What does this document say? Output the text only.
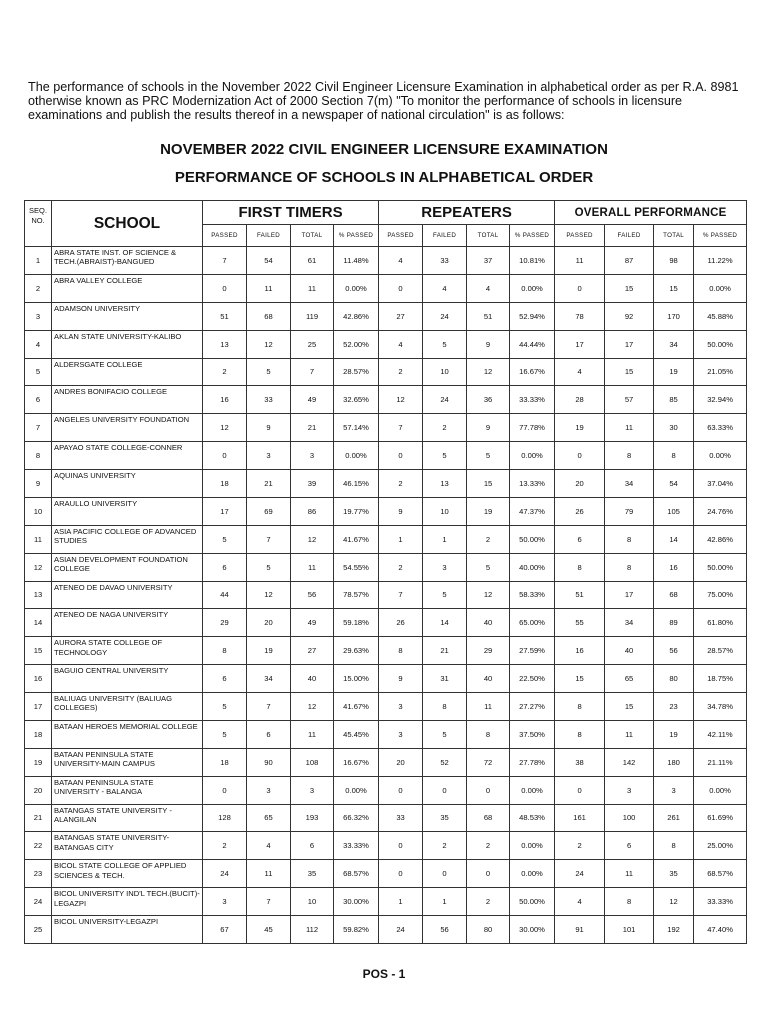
The performance of schools in the November 2022 Civil Engineer Licensure Examination in alphabetical order as per R.A. 8981 otherwise known as PRC Modernization Act of 2000 Section 7(m) "To monitor the performance of schools in licensure examinations and publish the results thereof in a newspaper of national circulation" is as follows:
NOVEMBER 2022 CIVIL ENGINEER LICENSURE EXAMINATION
PERFORMANCE OF SCHOOLS IN ALPHABETICAL ORDER
SEQ.
NO.	SCHOOL	FIRST TIMERS				REPEATERS				OVERALL PERFORMANCE			
		PASSED	FAILED	TOTAL	% PASSED	PASSED	FAILED	TOTAL	% PASSED	PASSED	FAILED	TOTAL	% PASSED
1	ABRA STATE INST. OF SCIENCE & TECH.(ABRAIST)-BANGUED	7	54	61	11.48%	4	33	37	10.81%	11	87	98	11.22%
2	ABRA VALLEY COLLEGE	0	11	11	0.00%	0	4	4	0.00%	0	15	15	0.00%
3	ADAMSON UNIVERSITY	51	68	119	42.86%	27	24	51	52.94%	78	92	170	45.88%
4	AKLAN STATE UNIVERSITY-KALIBO	13	12	25	52.00%	4	5	9	44.44%	17	17	34	50.00%
5	ALDERSGATE COLLEGE	2	5	7	28.57%	2	10	12	16.67%	4	15	19	21.05%
6	ANDRES BONIFACIO COLLEGE	16	33	49	32.65%	12	24	36	33.33%	28	57	85	32.94%
7	ANGELES UNIVERSITY FOUNDATION	12	9	21	57.14%	7	2	9	77.78%	19	11	30	63.33%
8	APAYAO STATE COLLEGE-CONNER	0	3	3	0.00%	0	5	5	0.00%	0	8	8	0.00%
9	AQUINAS UNIVERSITY	18	21	39	46.15%	2	13	15	13.33%	20	34	54	37.04%
10	ARAULLO UNIVERSITY	17	69	86	19.77%	9	10	19	47.37%	26	79	105	24.76%
11	ASIA PACIFIC COLLEGE OF ADVANCED STUDIES	5	7	12	41.67%	1	1	2	50.00%	6	8	14	42.86%
12	ASIAN DEVELOPMENT FOUNDATION COLLEGE	6	5	11	54.55%	2	3	5	40.00%	8	8	16	50.00%
13	ATENEO DE DAVAO UNIVERSITY	44	12	56	78.57%	7	5	12	58.33%	51	17	68	75.00%
14	ATENEO DE NAGA UNIVERSITY	29	20	49	59.18%	26	14	40	65.00%	55	34	89	61.80%
15	AURORA STATE COLLEGE OF TECHNOLOGY	8	19	27	29.63%	8	21	29	27.59%	16	40	56	28.57%
16	BAGUIO CENTRAL UNIVERSITY	6	34	40	15.00%	9	31	40	22.50%	15	65	80	18.75%
17	BALIUAG UNIVERSITY (BALIUAG COLLEGES)	5	7	12	41.67%	3	8	11	27.27%	8	15	23	34.78%
18	BATAAN HEROES MEMORIAL COLLEGE	5	6	11	45.45%	3	5	8	37.50%	8	11	19	42.11%
19	BATAAN PENINSULA STATE UNIVERSITY-MAIN CAMPUS	18	90	108	16.67%	20	52	72	27.78%	38	142	180	21.11%
20	BATAAN PENINSULA STATE UNIVERSITY - BALANGA	0	3	3	0.00%	0	0	0	0.00%	0	3	3	0.00%
21	BATANGAS STATE UNIVERSITY - ALANGILAN	128	65	193	66.32%	33	35	68	48.53%	161	100	261	61.69%
22	BATANGAS STATE UNIVERSITY-BATANGAS CITY	2	4	6	33.33%	0	2	2	0.00%	2	6	8	25.00%
23	BICOL STATE COLLEGE OF APPLIED SCIENCES & TECH.	24	11	35	68.57%	0	0	0	0.00%	24	11	35	68.57%
24	BICOL UNIVERSITY IND'L TECH.(BUCIT)-LEGAZPI	3	7	10	30.00%	1	1	2	50.00%	4	8	12	33.33%
25	BICOL UNIVERSITY-LEGAZPI	67	45	112	59.82%	24	56	80	30.00%	91	101	192	47.40%
POS - 1
